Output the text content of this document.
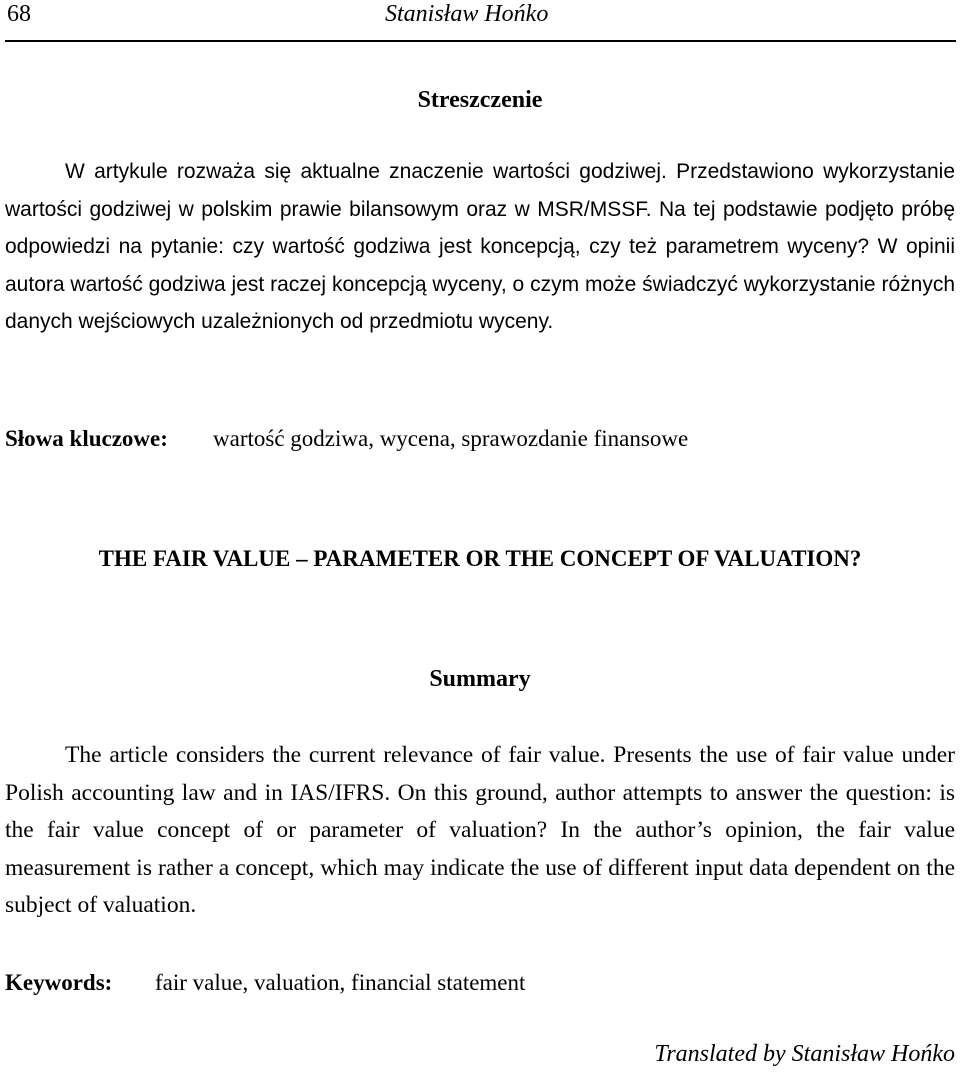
68	Stanisław Hońko
Streszczenie

W artykule rozważa się aktualne znaczenie wartości godziwej. Przedstawiono wykorzystanie wartości godziwej w polskim prawie bilansowym oraz w MSR/MSSF. Na tej podstawie podjęto próbę odpowiedzi na pytanie: czy wartość godziwa jest koncepcją, czy też parametrem wyceny? W opinii autora wartość godziwa jest raczej koncepcją wyceny, o czym może świadczyć wykorzystanie różnych danych wejściowych uzależnionych od przedmiotu wyceny.

Słowa kluczowe: wartość godziwa, wycena, sprawozdanie finansowe
THE FAIR VALUE – PARAMETER OR THE CONCEPT OF VALUATION?
Summary

The article considers the current relevance of fair value. Presents the use of fair value under Polish accounting law and in IAS/IFRS. On this ground, author attempts to answer the question: is the fair value concept of or parameter of valuation? In the author’s opinion, the fair value measurement is rather a concept, which may indicate the use of different input data dependent on the subject of valuation.

Keywords: fair value, valuation, financial statement
Translated by Stanisław Hońko
